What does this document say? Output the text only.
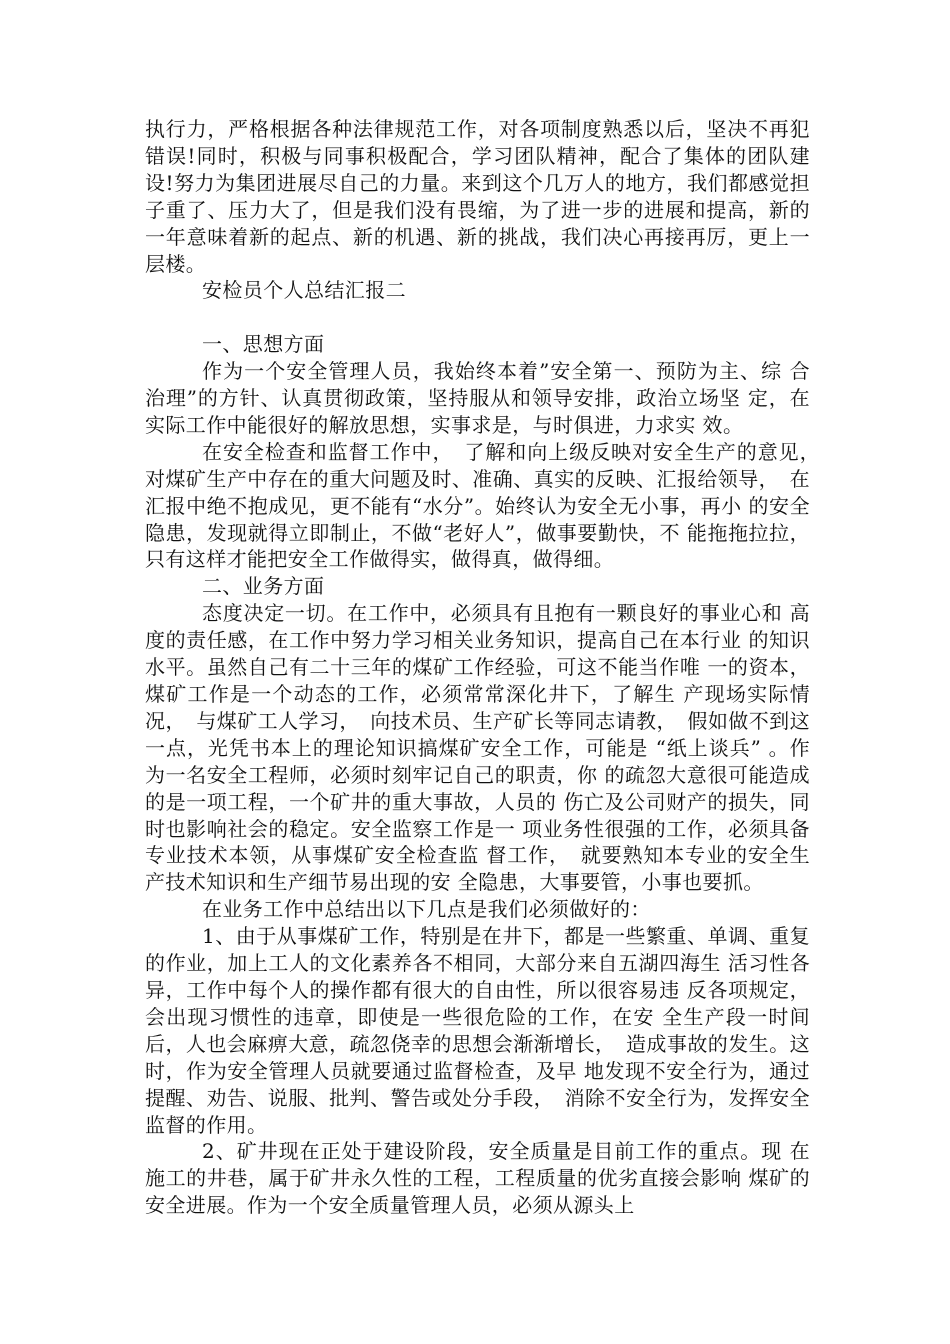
执行力，严格根据各种法律规范工作，对各项制度熟悉以后，坚决不再犯错误!同时，积极与同事积极配合，学习团队精神，配合了集体的团队建设!努力为集团进展尽自己的力量。来到这个几万人的地方，我们都感觉担子重了、压力大了，但是我们没有畏缩，为了进一步的进展和提高，新的一年意味着新的起点、新的机遇、新的挑战，我们决心再接再厉，更上一层楼。

安检员个人总结汇报二

一、思想方面

作为一个安全管理人员，我始终本着”安全第一、预防为主、综 合治理”的方针、认真贯彻政策，坚持服从和领导安排，政治立场坚 定，在实际工作中能很好的解放思想，实事求是，与时俱进，力求实 效。

在安全检查和监督工作中，　了解和向上级反映对安全生产的意见，　对煤矿生产中存在的重大问题及时、准确、真实的反映、汇报给领导，　在汇报中绝不抱成见，更不能有“水分”。始终认为安全无小事，再小 的安全隐患，发现就得立即制止，不做“老好人”，做事要勤快，不 能拖拖拉拉，只有这样才能把安全工作做得实，做得真，做得细。

二、业务方面

态度决定一切。在工作中，必须具有且抱有一颗良好的事业心和 高度的责任感，在工作中努力学习相关业务知识，提高自己在本行业 的知识水平。虽然自己有二十三年的煤矿工作经验，可这不能当作唯 一的资本，煤矿工作是一个动态的工作，必须常常深化井下，了解生 产现场实际情况，　与煤矿工人学习，　向技术员、生产矿长等同志请教，　假如做不到这一点，光凭书本上的理论知识搞煤矿安全工作，可能是 “纸上谈兵” 。作为一名安全工程师，必须时刻牢记自己的职责，你 的疏忽大意很可能造成的是一项工程，一个矿井的重大事故，人员的 伤亡及公司财产的损失，同时也影响社会的稳定。安全监察工作是一 项业务性很强的工作，必须具备专业技术本领，从事煤矿安全检查监 督工作，　就要熟知本专业的安全生产技术知识和生产细节易出现的安 全隐患，大事要管，小事也要抓。

在业务工作中总结出以下几点是我们必须做好的：

1、由于从事煤矿工作，特别是在井下，都是一些繁重、单调、重复的作业，加上工人的文化素养各不相同，大部分来自五湖四海生 活习性各异，工作中每个人的操作都有很大的自由性，所以很容易违 反各项规定，会出现习惯性的违章，即使是一些很危险的工作，在安 全生产段一时间后，人也会麻痹大意，疏忽侥幸的思想会渐渐增长，　造成事故的发生。这时，作为安全管理人员就要通过监督检查，及早 地发现不安全行为，通过提醒、劝告、说服、批判、警告或处分手段，　消除不安全行为，发挥安全监督的作用。

2、矿井现在正处于建设阶段，安全质量是目前工作的重点。现 在施工的井巷，属于矿井永久性的工程，工程质量的优劣直接会影响 煤矿的安全进展。作为一个安全质量管理人员，必须从源头上
